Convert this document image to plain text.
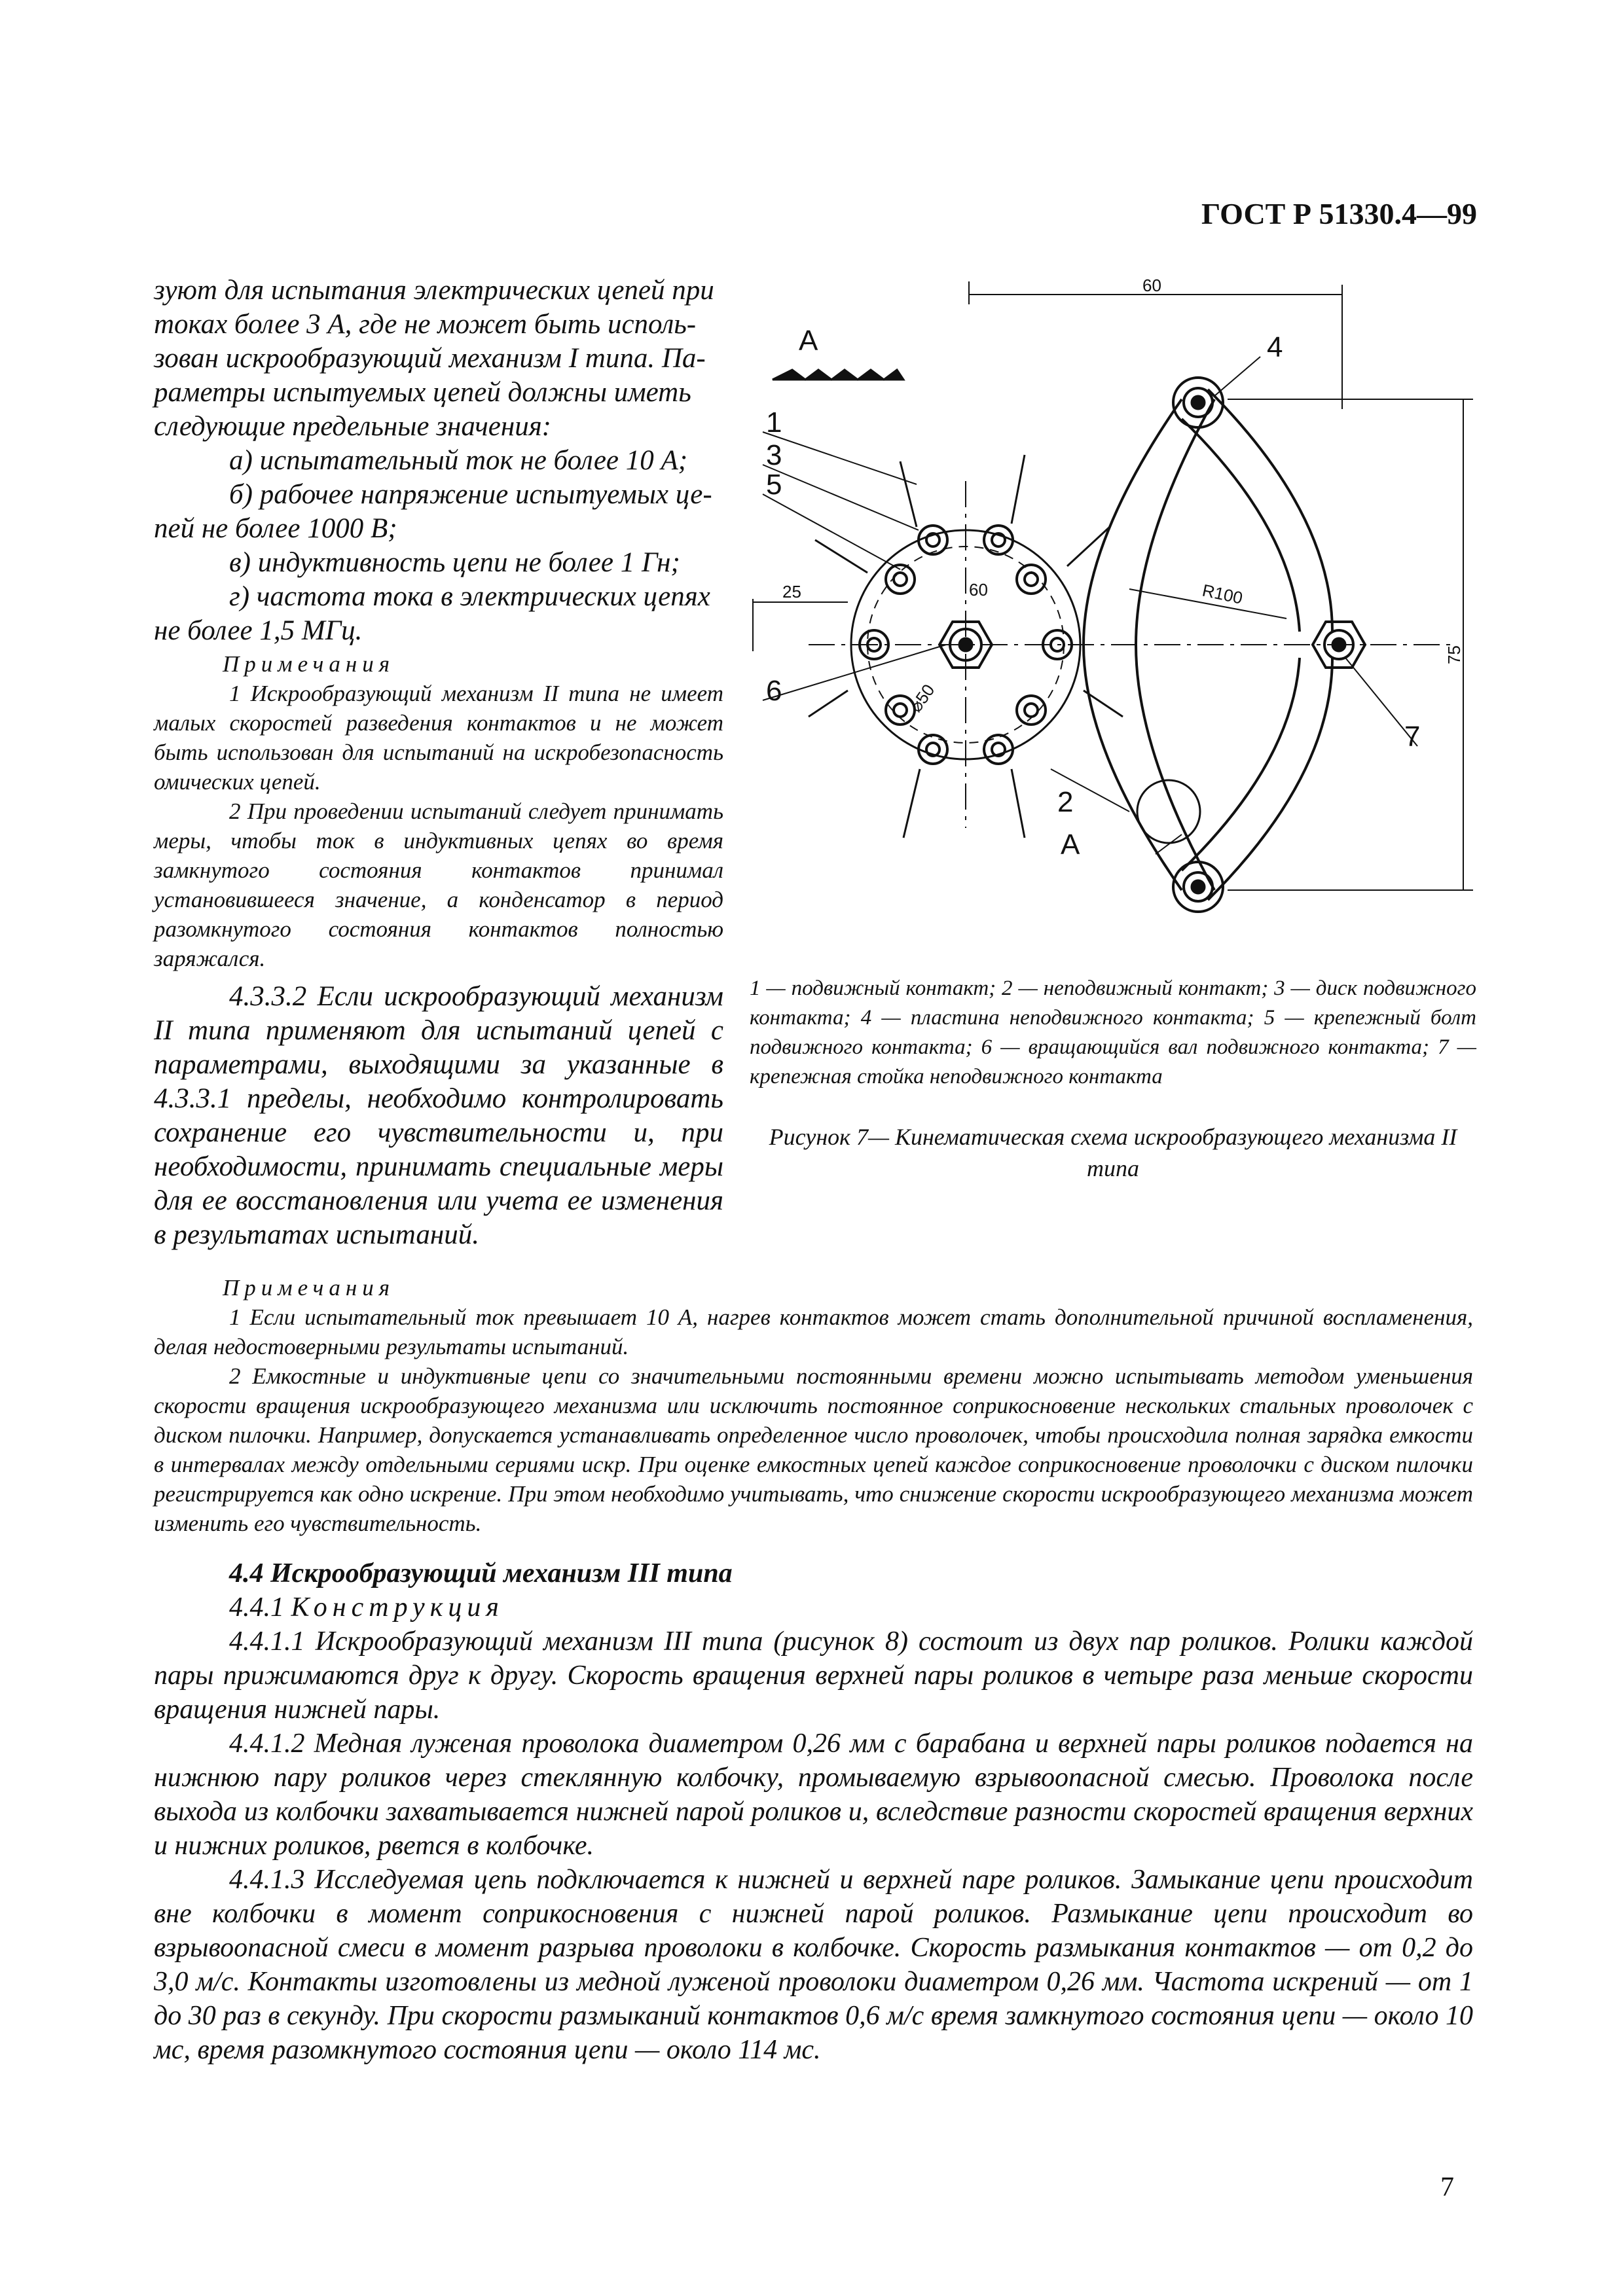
ГОСТ Р 51330.4—99

зуют для испытания электрических цепей при

токах более 3 А, где не может быть исполь-

зован искрообразующий механизм I типа. Па-

раметры испытуемых цепей должны иметь

следующие предельные значения:

а) испытательный ток не более 10 А;

б) рабочее напряжение испытуемых це-

пей не более 1000 В;

в) индуктивность цепи не более 1 Гн;

г) частота тока в электрических цепях

не более 1,5 МГц.

Примечания

1 Искрообразующий механизм II типа не имеет малых скоростей разведения контактов и не может быть использован для испытаний на искробезопасность омических цепей.

2 При проведении испытаний следует принимать меры, чтобы ток в индуктивных цепях во время замкнутого состояния контактов принимал установившееся значение, а конденсатор в период разомкнутого состояния контактов полностью заряжался.

4.3.3.2 Если искрообразующий механизм II типа применяют для испытаний цепей с параметрами, выходящими за указанные в 4.3.3.1 пределы, необходимо контролировать сохранение его чувствительности и, при необходимости, принимать специальные меры для ее восстановления или учета ее изменения в результатах испытаний.

А
1
3
5
6
4
7
2
А
60
60
25	R100
75
⌀50
1 — подвижный контакт; 2 — неподвижный контакт; 3 — диск подвижного контакта; 4 — пластина неподвижного контакта; 5 — крепежный болт подвижного контакта; 6 — вращающийся вал подвижного контакта; 7 — крепежная стойка неподвижного контакта
Рисунок 7— Кинематическая схема искрообразующего механизма II типа

Примечания

1 Если испытательный ток превышает 10 А, нагрев контактов может стать дополнительной причиной воспламенения, делая недостоверными результаты испытаний.

2 Емкостные и индуктивные цепи со значительными постоянными времени можно испытывать методом уменьшения скорости вращения искрообразующего механизма или исключить постоянное соприкосновение нескольких стальных проволочек с диском пилочки. Например, допускается устанавливать определенное число проволочек, чтобы происходила полная зарядка емкости в интервалах между отдельными сериями искр. При оценке емкостных цепей каждое соприкосновение проволочки с диском пилочки регистрируется как одно искрение. При этом необходимо учитывать, что снижение скорости искрообразующего механизма может изменить его чувствительность.

4.4 Искрообразующий механизм III типа

4.4.1 Конструкция

4.4.1.1 Искрообразующий механизм III типа (рисунок 8) состоит из двух пар роликов. Ролики каждой пары прижимаются друг к другу. Скорость вращения верхней пары роликов в четыре раза меньше скорости вращения нижней пары.

4.4.1.2 Медная луженая проволока диаметром 0,26 мм с барабана и верхней пары роликов подается на нижнюю пару роликов через стеклянную колбочку, промываемую взрывоопасной смесью. Проволока после выхода из колбочки захватывается нижней парой роликов и, вследствие разности скоростей вращения верхних и нижних роликов, рвется в колбочке.

4.4.1.3 Исследуемая цепь подключается к нижней и верхней паре роликов. Замыкание цепи происходит вне колбочки в момент соприкосновения с нижней парой роликов. Размыкание цепи происходит во взрывоопасной смеси в момент разрыва проволоки в колбочке. Скорость размыкания контактов — от 0,2 до 3,0 м/с. Контакты изготовлены из медной луженой проволоки диаметром 0,26 мм. Частота искрений — от 1 до 30 раз в секунду. При скорости размыканий контактов 0,6 м/с время замкнутого состояния цепи — около 10 мс, время разомкнутого состояния цепи — около 114 мс.

7
